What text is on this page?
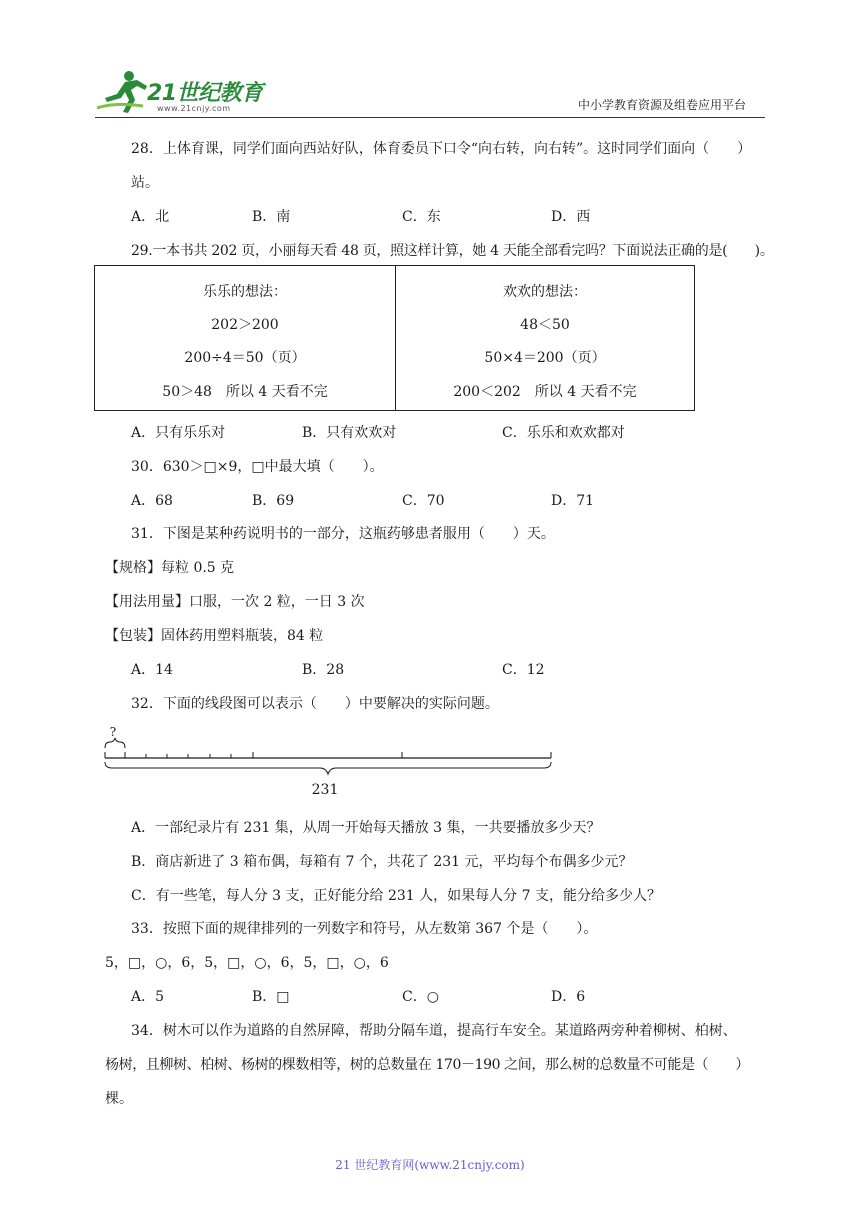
21世纪教育
www.21cnjy.com	中小学教育资源及组卷应用平台
28．上体育课，同学们面向西站好队，体育委员下口令“向右转，向右转”。这时同学们面向（　　）
站。
A．北	B．南	C．东	D．西
29.一本书共 202 页，小丽每天看 48 页，照这样计算，她 4 天能全部看完吗？下面说法正确的是(　　)。
乐乐的想法：
202＞200
200÷4＝50（页）
50＞48　所以 4 天看不完
欢欢的想法：
48＜50
50×4＝200（页）
200＜202　所以 4 天看不完
A．只有乐乐对	B．只有欢欢对	C．乐乐和欢欢都对
30．630＞□×9，□中最大填（　　）。
A．68	B．69	C．70	D．71
31．下图是某种药说明书的一部分，这瓶药够患者服用（　　）天。
【规格】每粒 0.5 克
【用法用量】口服，一次 2 粒，一日 3 次
【包装】固体药用塑料瓶装，84 粒
A．14	B．28	C．12
32．下面的线段图可以表示（　　）中要解决的实际问题。
?
231
A．一部纪录片有 231 集，从周一开始每天播放 3 集，一共要播放多少天？
B．商店新进了 3 箱布偶，每箱有 7 个，共花了 231 元，平均每个布偶多少元？
C．有一些笔，每人分 3 支，正好能分给 231 人，如果每人分 7 支，能分给多少人？
33．按照下面的规律排列的一列数字和符号，从左数第 367 个是（　　）。
5，□，○，6，5，□，○，6，5，□，○，6
A．5	B．□	C．○	D．6
34．树木可以作为道路的自然屏障，帮助分隔车道，提高行车安全。某道路两旁种着柳树、柏树、
杨树，且柳树、柏树、杨树的棵数相等，树的总数量在 170－190 之间，那么树的总数量不可能是（　　）
棵。
21 世纪教育网(www.21cnjy.com)
